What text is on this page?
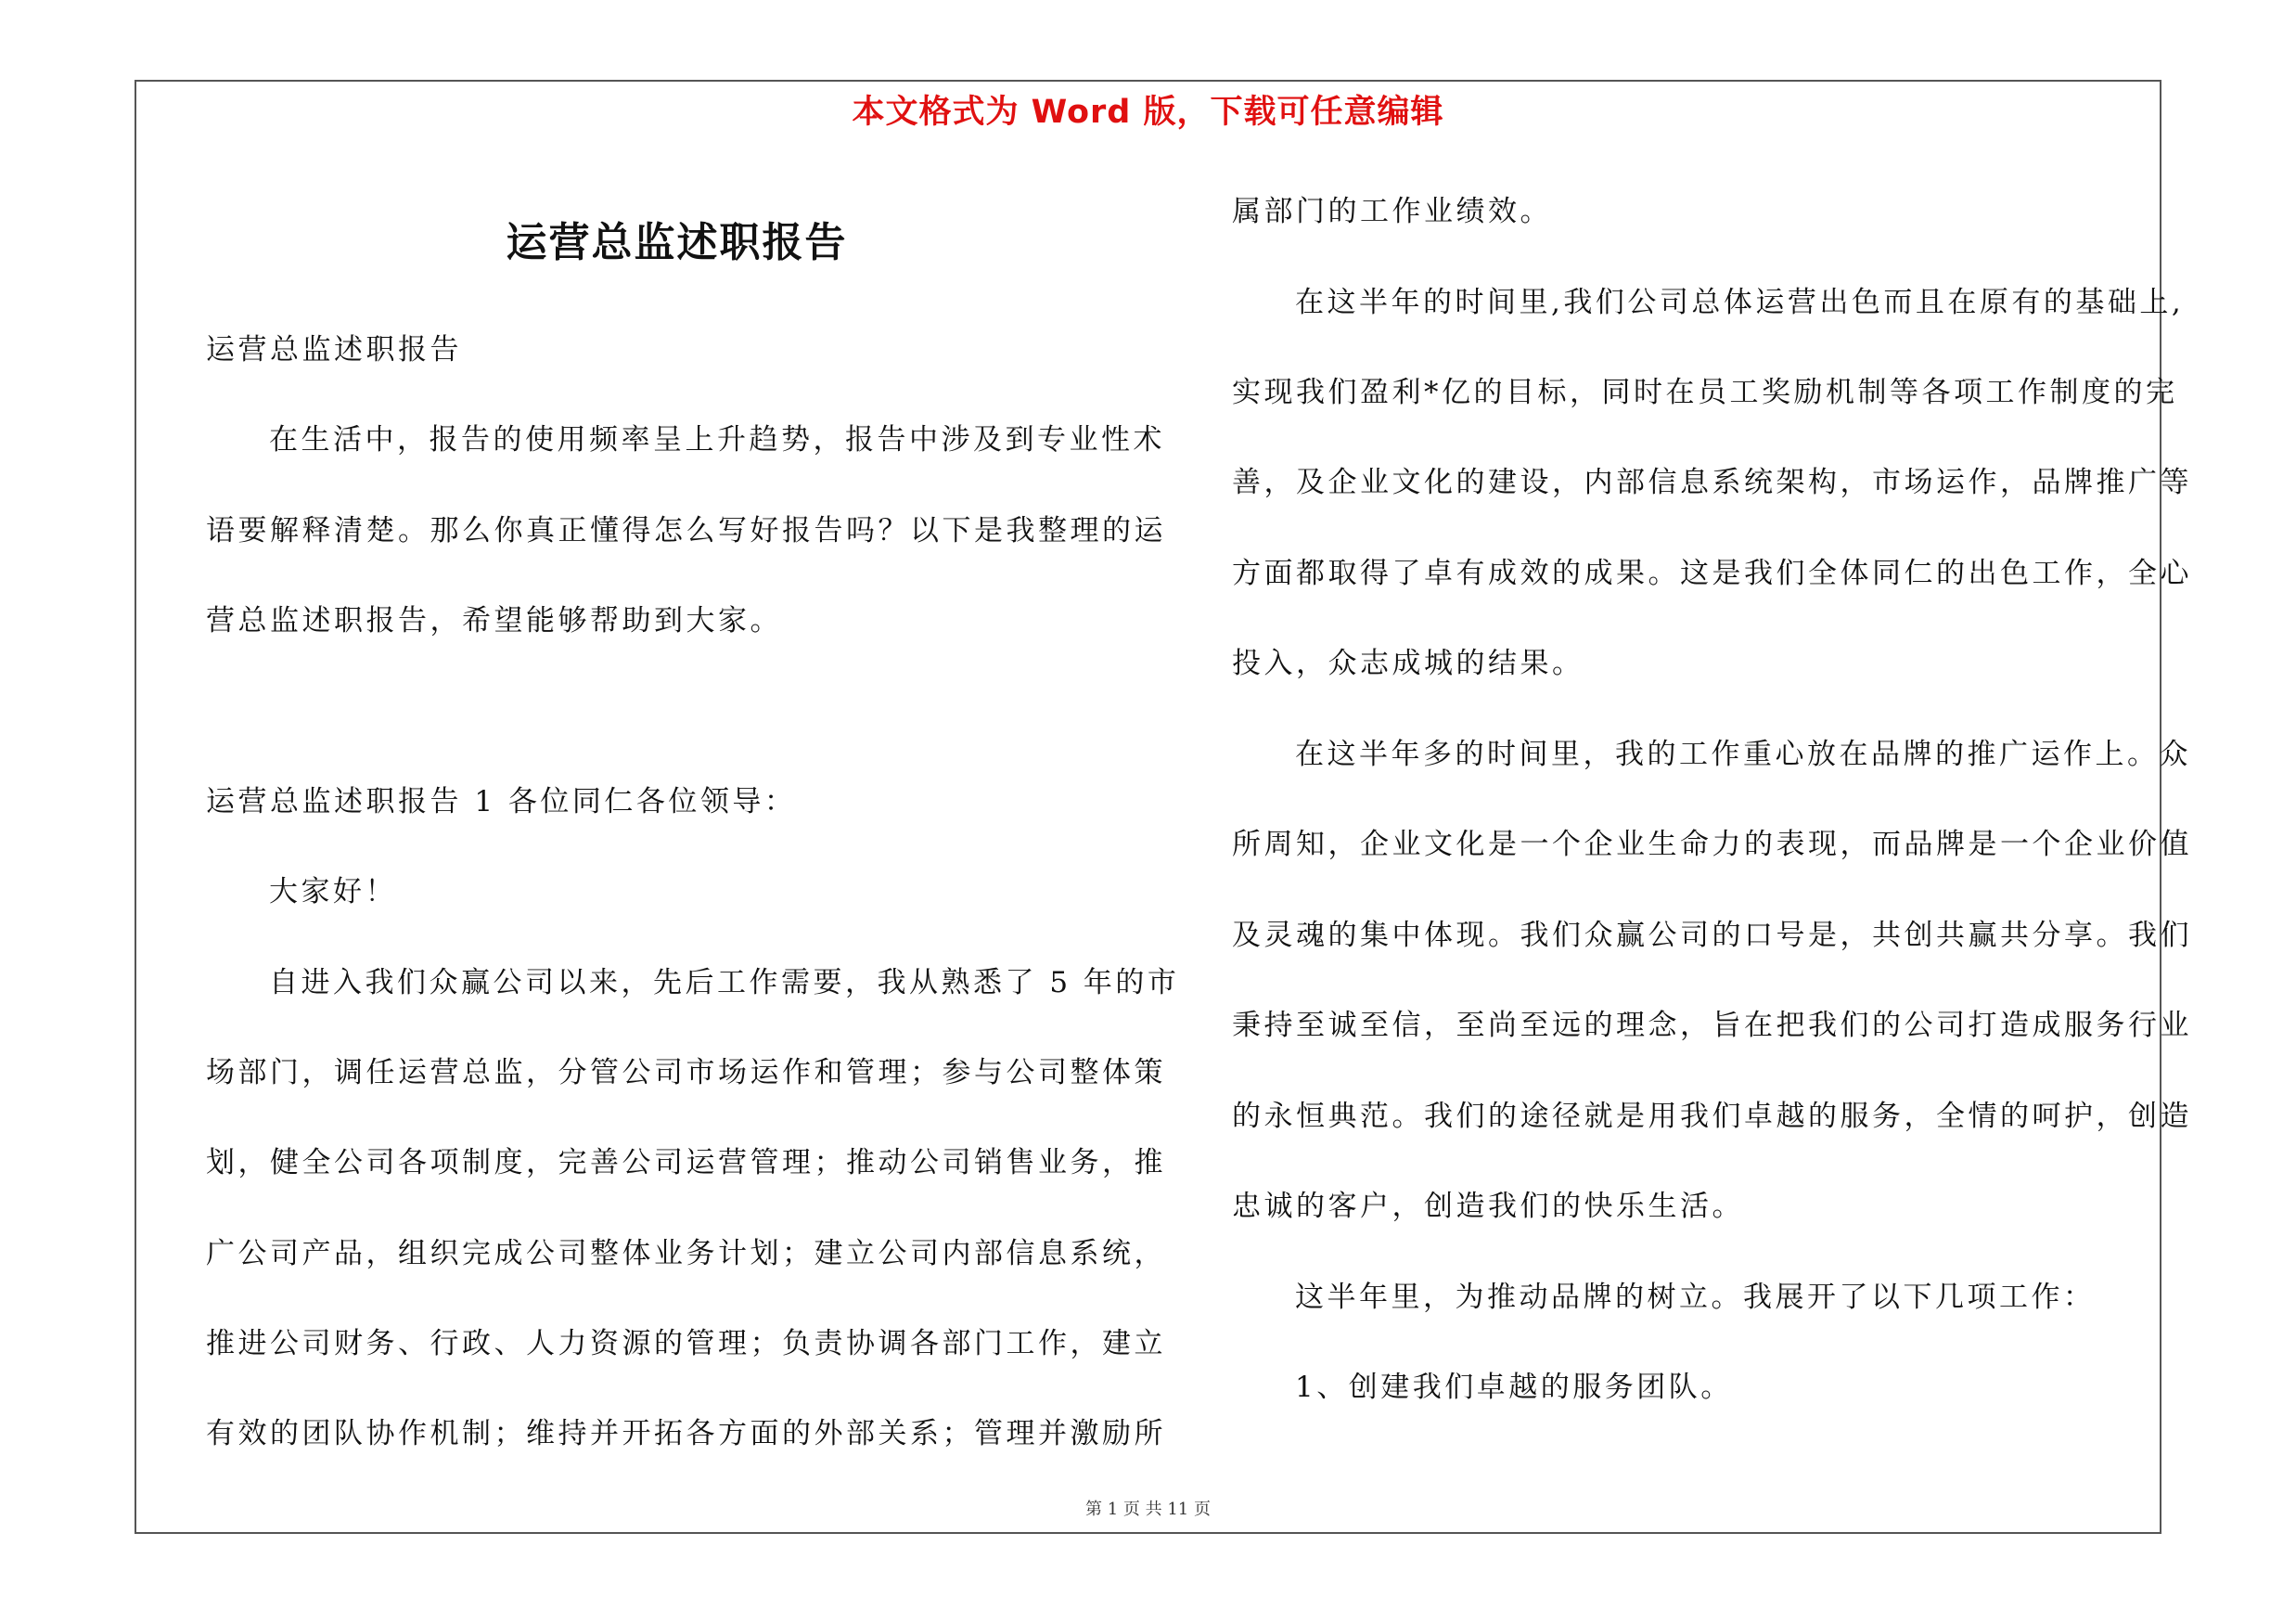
本文格式为 Word 版，下载可任意编辑
运营总监述职报告
运营总监述职报告
在生活中，报告的使用频率呈上升趋势，报告中涉及到专业性术
语要解释清楚。那么你真正懂得怎么写好报告吗？以下是我整理的运
营总监述职报告，希望能够帮助到大家。
运营总监述职报告 1 各位同仁各位领导：
大家好！
自进入我们众赢公司以来，先后工作需要，我从熟悉了 5 年的市
场部门，调任运营总监，分管公司市场运作和管理；参与公司整体策
划，健全公司各项制度，完善公司运营管理；推动公司销售业务，推
广公司产品，组织完成公司整体业务计划；建立公司内部信息系统，
推进公司财务、行政、人力资源的管理；负责协调各部门工作，建立
有效的团队协作机制；维持并开拓各方面的外部关系；管理并激励所
属部门的工作业绩效。
在这半年的时间里,我们公司总体运营出色而且在原有的基础上,
实现我们盈利*亿的目标，同时在员工奖励机制等各项工作制度的完
善，及企业文化的建设，内部信息系统架构，市场运作，品牌推广等
方面都取得了卓有成效的成果。这是我们全体同仁的出色工作，全心
投入，众志成城的结果。
在这半年多的时间里，我的工作重心放在品牌的推广运作上。众
所周知，企业文化是一个企业生命力的表现，而品牌是一个企业价值
及灵魂的集中体现。我们众赢公司的口号是，共创共赢共分享。我们
秉持至诚至信，至尚至远的理念，旨在把我们的公司打造成服务行业
的永恒典范。我们的途径就是用我们卓越的服务，全情的呵护，创造
忠诚的客户，创造我们的快乐生活。
这半年里，为推动品牌的树立。我展开了以下几项工作：
1、创建我们卓越的服务团队。
第 1 页 共 11 页
